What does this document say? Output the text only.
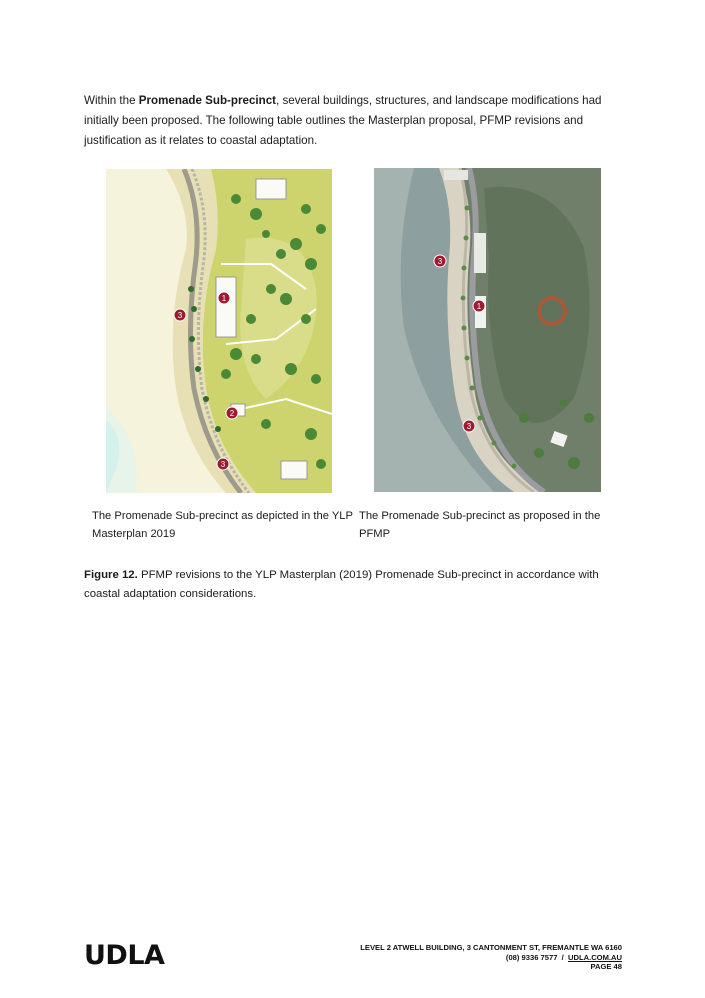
Within the Promenade Sub-precinct, several buildings, structures, and landscape modifications had initially been proposed. The following table outlines the Masterplan proposal, PFMP revisions and justification as it relates to coastal adaptation.
1
2
3
3
3
1
3
The Promenade Sub-precinct as depicted in the YLP Masterplan 2019
The Promenade Sub-precinct as proposed in the PFMP
Figure 12. PFMP revisions to the YLP Masterplan (2019) Promenade Sub-precinct in accordance with coastal adaptation considerations.
UDLA	LEVEL 2 ATWELL BUILDING, 3 CANTONMENT ST, FREMANTLE WA 6160
(08) 9336 7577  /  UDLA.COM.AU
PAGE 48
